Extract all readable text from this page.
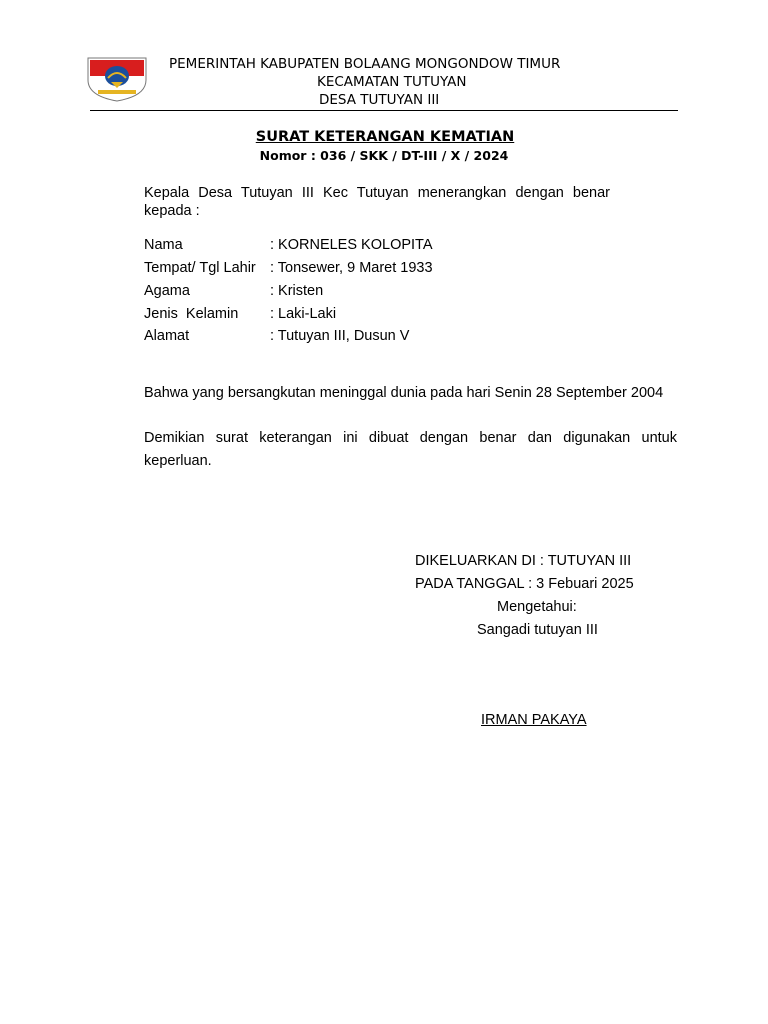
PEMERINTAH KABUPATEN BOLAANG MONGONDOW TIMUR
KECAMATAN TUTUYAN
DESA TUTUYAN III
SURAT KETERANGAN KEMATIAN
Nomor : 036 / SKK / DT-III / X / 2024
Kepala Desa Tutuyan III Kec Tutuyan menerangkan dengan benar kepada :
Nama	: KORNELES KOLOPITA
Tempat/ Tgl Lahir : Tonsewer, 9 Maret 1933
Agama	: Kristen
Jenis  Kelamin : Laki-Laki
Alamat	: Tutuyan III, Dusun V
Bahwa yang bersangkutan meninggal dunia pada hari Senin 28 September 2004
Demikian surat keterangan ini dibuat dengan benar dan digunakan untuk keperluan.
DIKELUARKAN DI : TUTUYAN III
PADA TANGGAL : 3 Febuari 2025
Mengetahui:
Sangadi tutuyan III
IRMAN PAKAYA
